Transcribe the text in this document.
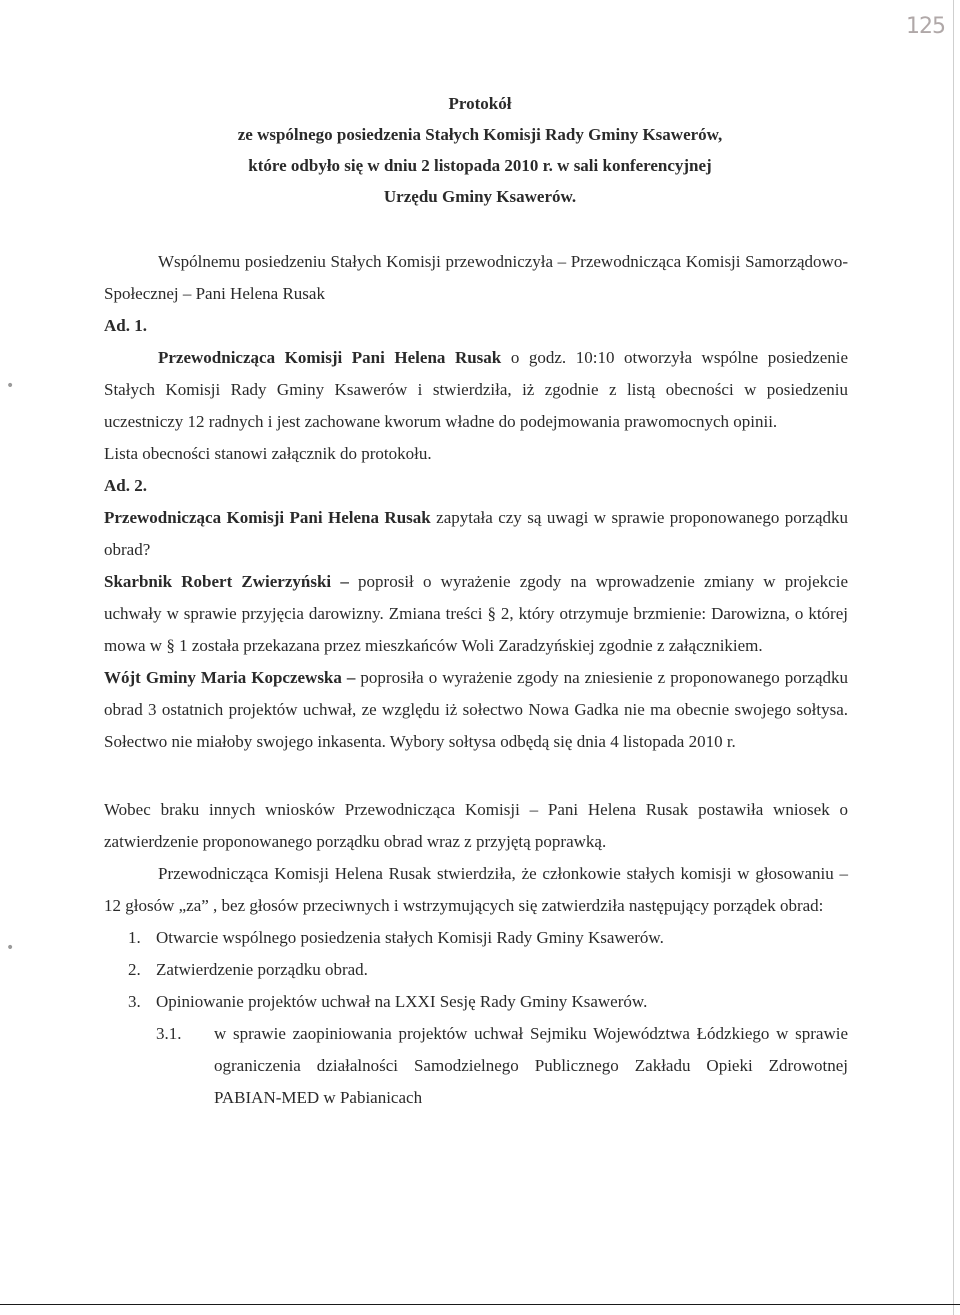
125
Protokół
ze wspólnego posiedzenia Stałych Komisji Rady Gminy Ksawerów,
które odbyło się w dniu 2 listopada 2010 r. w sali konferencyjnej
Urzędu Gminy Ksawerów.

Wspólnemu posiedzeniu Stałych Komisji przewodniczyła – Przewodnicząca Komisji Samorządowo- Społecznej – Pani Helena Rusak

Ad. 1.

Przewodnicząca Komisji Pani Helena Rusak o godz. 10:10 otworzyła wspólne posiedzenie Stałych Komisji Rady Gminy Ksawerów i stwierdziła, iż zgodnie z listą obecności w posiedzeniu uczestniczy 12 radnych i jest zachowane kworum władne do podejmowania prawomocnych opinii.

Lista obecności stanowi załącznik do protokołu.

Ad. 2.

Przewodnicząca Komisji Pani Helena Rusak zapytała czy są uwagi w sprawie proponowanego porządku obrad?

Skarbnik Robert Zwierzyński – poprosił o wyrażenie zgody na wprowadzenie zmiany w projekcie uchwały w sprawie przyjęcia darowizny. Zmiana treści § 2, który otrzymuje brzmienie: Darowizna, o której mowa w § 1 została przekazana przez mieszkańców Woli Zaradzyńskiej zgodnie z załącznikiem.

Wójt Gminy Maria Kopczewska – poprosiła o wyrażenie zgody na zniesienie z proponowanego porządku obrad 3 ostatnich projektów uchwał, ze względu iż sołectwo Nowa Gadka nie ma obecnie swojego sołtysa. Sołectwo nie miałoby swojego inkasenta. Wybory sołtysa odbędą się dnia 4 listopada 2010 r.

Wobec braku innych wniosków Przewodnicząca Komisji – Pani Helena Rusak postawiła wniosek o zatwierdzenie proponowanego porządku obrad wraz z przyjętą poprawką.

Przewodnicząca Komisji Helena Rusak stwierdziła, że członkowie stałych komisji w głosowaniu – 12 głosów „za” , bez głosów przeciwnych i wstrzymujących się zatwierdziła następujący porządek obrad:

1. Otwarcie wspólnego posiedzenia stałych Komisji Rady Gminy Ksawerów.
2. Zatwierdzenie porządku obrad.
3. Opiniowanie projektów uchwał na LXXI Sesję Rady Gminy Ksawerów.
3.1. w sprawie zaopiniowania projektów uchwał Sejmiku Województwa Łódzkiego w sprawie ograniczenia działalności Samodzielnego Publicznego Zakładu Opieki Zdrowotnej PABIAN-MED w Pabianicach
•
•
